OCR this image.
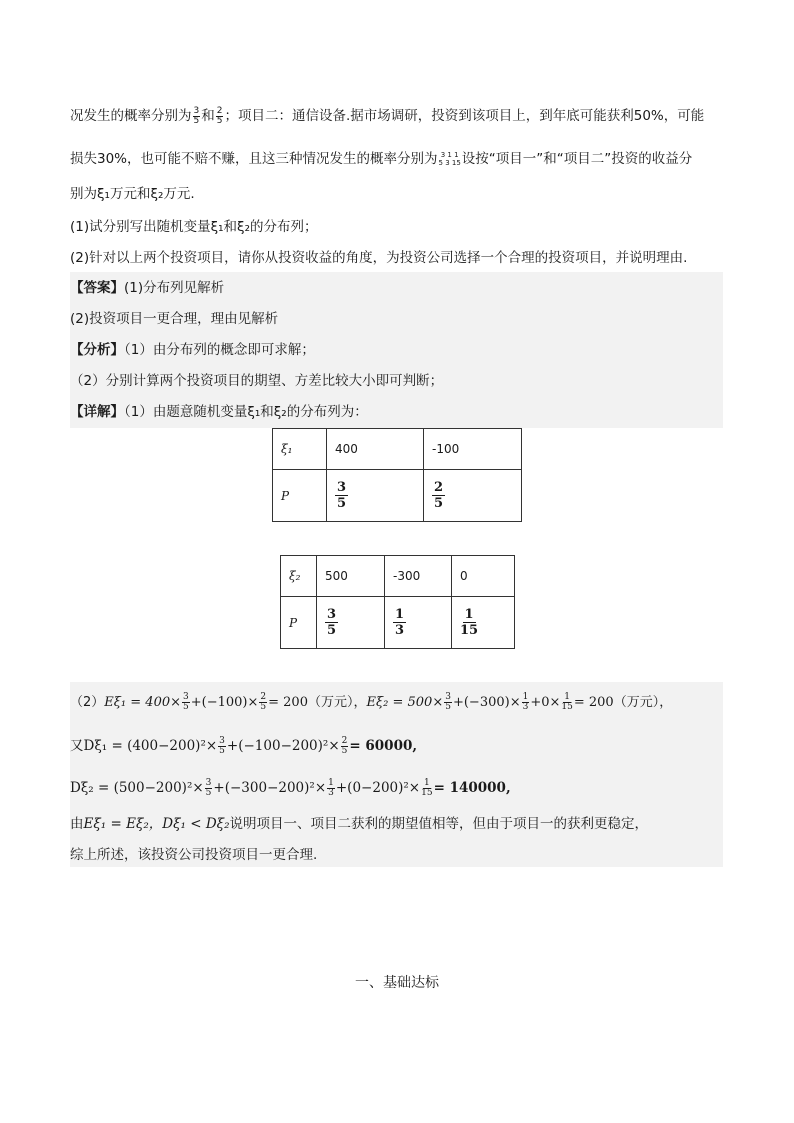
况发生的概率分别为 $\frac{3}{5}$ 和 $\frac{2}{5}$ ；项目二：通信设备.据市场调研，投资到该项目上，到年底可能获利50%，可能
损失30%，也可能不赔不赚，且这三种情况发生的概率分别为 3 1 1
5 3 15 设按“项目一”和“项目二”投资的收益分
别为ξ₁万元和ξ₂万元.
(1)试分别写出随机变量ξ₁和ξ₂的分布列；
(2)针对以上两个投资项目，请你从投资收益的角度，为投资公司选择一个合理的投资项目，并说明理由.
【答案】(1)分布列见解析
(2)投资项目一更合理，理由见解析
【分析】（1）由分布列的概念即可求解；
（2）分别计算两个投资项目的期望、方差比较大小即可判断；
【详解】（1）由题意随机变量ξ₁和ξ₂的分布列为：
ξ₁	400	-100
P	$\frac{3}{5}$	$\frac{2}{5}$
ξ₂	500	-300	0
P	$\frac{3}{5}$	$\frac{1}{3}$	$\frac{1}{15}$
$(2)E\xi_1 = 400\times \frac{3}{5} +(-100)\times \frac{2}{5} = 200$（万元），$E\xi_2 = 500\times \frac{3}{5} +(-300)\times \frac{1}{3} +0\times \frac{1}{15} = 200$（万元），
又$D\xi_1 = (400-200)^2\times \frac{3}{5} +(-100-200)^2\times \frac{2}{5} = 60000$,
$D\xi_2 = (500-200)^2\times \frac{3}{5} +(-300-200)^2\times \frac{1}{3} +(0-200)^2\times \frac{1}{15} = 140000$,
由Eξ₁ = Eξ₂，Dξ₁ < Dξ₂说明项目一、项目二获利的期望值相等，但由于项目一的获利更稳定，
综上所述，该投资公司投资项目一更合理.
一、基础达标
